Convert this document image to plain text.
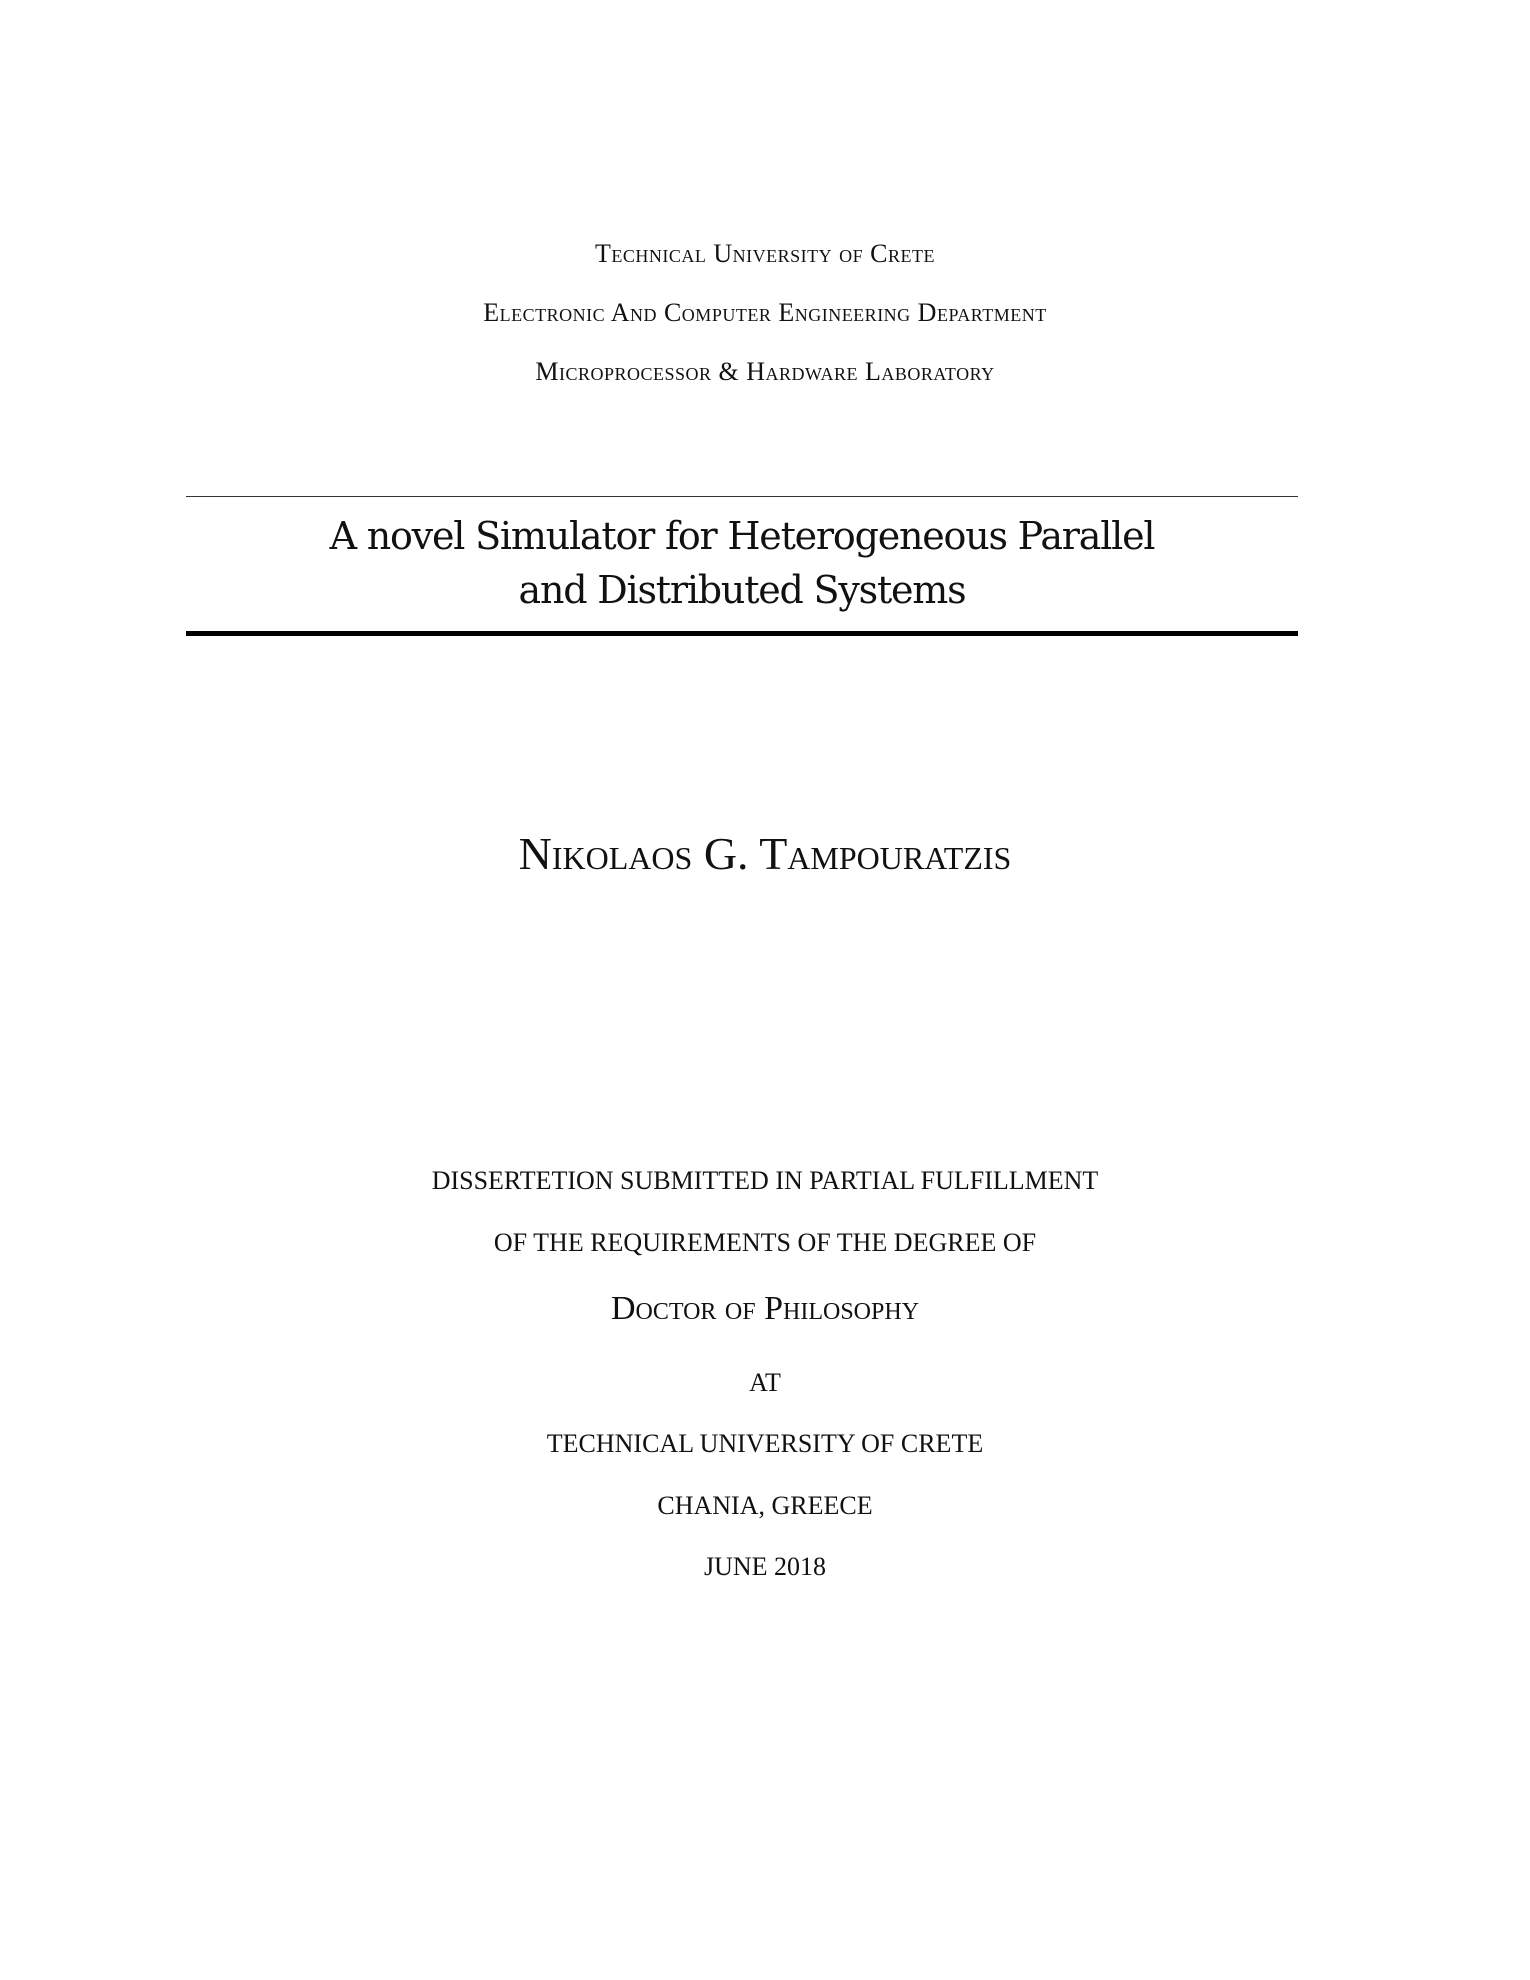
Technical University of Crete
Electronic And Computer Engineering Department
Microprocessor & Hardware Laboratory
A novel Simulator for Heterogeneous Parallel
and Distributed Systems
Nikolaos G. Tampouratzis
DISSERTETION SUBMITTED IN PARTIAL FULFILLMENT
OF THE REQUIREMENTS OF THE DEGREE OF
Doctor of Philosophy
AT
TECHNICAL UNIVERSITY OF CRETE
CHANIA, GREECE
JUNE 2018
